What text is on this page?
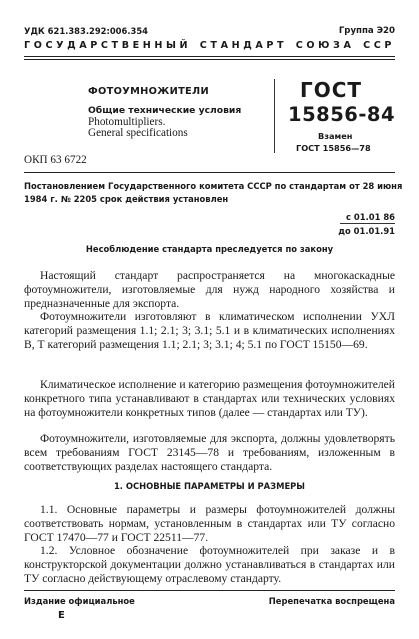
УДК 621.383.292:006.354	Группа Э20
ГОСУДАРСТВЕННЫЙ СТАНДАРТ СОЮЗА ССР
ФОТОУМНОЖИТЕЛИ
Общие технические условия
Photomultipliers.
General specifications
ГОСТ
15856-84
Взамен
ГОСТ 15856—78
ОКП 63 6722
Постановлением Государственного комитета СССР по стандартам от 28 июня
1984 г. № 2205 срок действия установлен
с 01.01 86
до 01.01.91
Несоблюдение стандарта преследуется по закону
Настоящий стандарт распространяется на многокаскадные фотоумножители, изготовляемые для нужд народного хозяйства и предназначенные для экспорта.
Фотоумножители изготовляют в климатическом исполнении УХЛ категорий размещения 1.1; 2.1; 3; 3.1; 5.1 и в климатических исполнениях В, Т категорий размещения 1.1; 2.1; 3; 3.1; 4; 5.1 по ГОСТ 15150—69.
Климатическое исполнение и категорию размещения фотоумножителей конкретного типа устанавливают в стандартах или технических условиях на фотоумножители конкретных типов (далее — стандартах или ТУ).
Фотоумножители, изготовляемые для экспорта, должны удовлетворять всем требованиям ГОСТ 23145—78 и требованиям, изложенным в соответствующих разделах настоящего стандарта.
1. ОСНОВНЫЕ ПАРАМЕТРЫ И РАЗМЕРЫ
1.1. Основные параметры и размеры фотоумножителей должны соответствовать нормам, установленным в стандартах или ТУ согласно ГОСТ 17470—77 и ГОСТ 22511—77.
1.2. Условное обозначение фотоумножителей при заказе и в конструкторской документации должно устанавливаться в стандартах или ТУ согласно действующему отраслевому стандарту.
Издание официальное	Перепечатка воспрещена
Е
